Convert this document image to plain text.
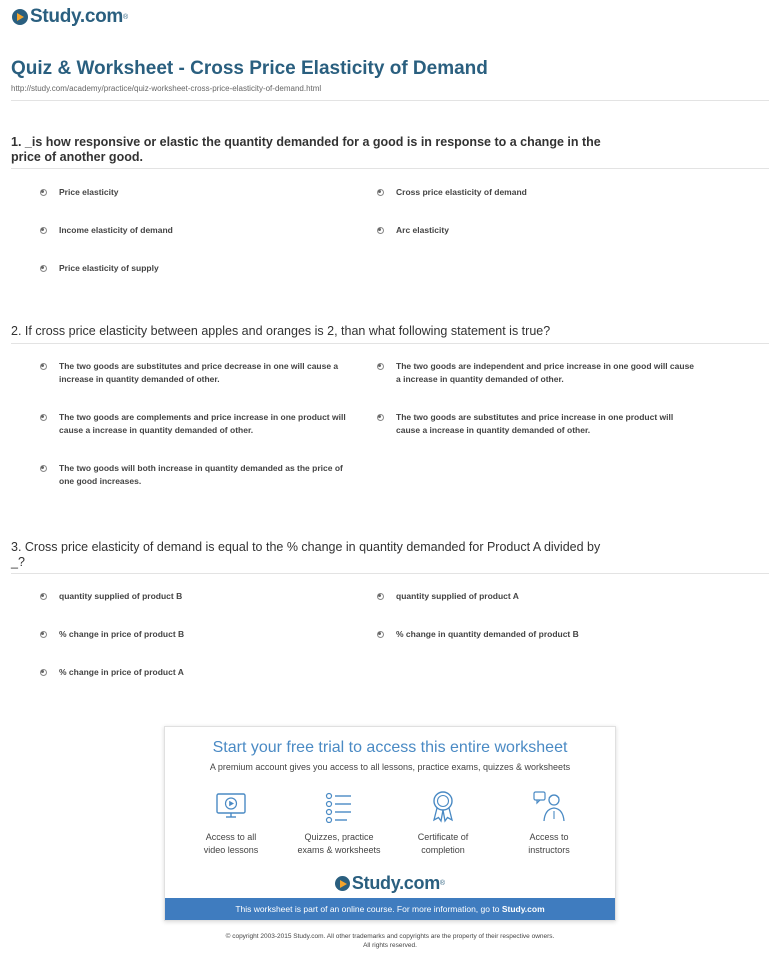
Study.com ®
Quiz & Worksheet - Cross Price Elasticity of Demand
http://study.com/academy/practice/quiz-worksheet-cross-price-elasticity-of-demand.html
1. _is how responsive or elastic the quantity demanded for a good is in response to a change in the price of another good.
Price elasticity	Cross price elasticity of demand
Income elasticity of demand	Arc elasticity
Price elasticity of supply
2. If cross price elasticity between apples and oranges is 2, than what following statement is true?
The two goods are substitutes and price decrease in one will cause a increase in quantity demanded of other.
The two goods are independent and price increase in one good will cause a increase in quantity demanded of other.
The two goods are complements and price increase in one product will cause a increase in quantity demanded of other.
The two goods are substitutes and price increase in one product will cause a increase in quantity demanded of other.
The two goods will both increase in quantity demanded as the price of one good increases.
3. Cross price elasticity of demand is equal to the % change in quantity demanded for Product A divided by _?
quantity supplied of product B	quantity supplied of product A
% change in price of product B	% change in quantity demanded of product B
% change in price of product A
Start your free trial to access this entire worksheet
A premium account gives you access to all lessons, practice exams, quizzes & worksheets
Access to all
video lessons
Quizzes, practice
exams & worksheets
Certificate of
completion
Access to
instructors
Study.com ®
This worksheet is part of an online course. For more information, go to Study.com
© copyright 2003-2015 Study.com. All other trademarks and copyrights are the property of their respective owners.
All rights reserved.
